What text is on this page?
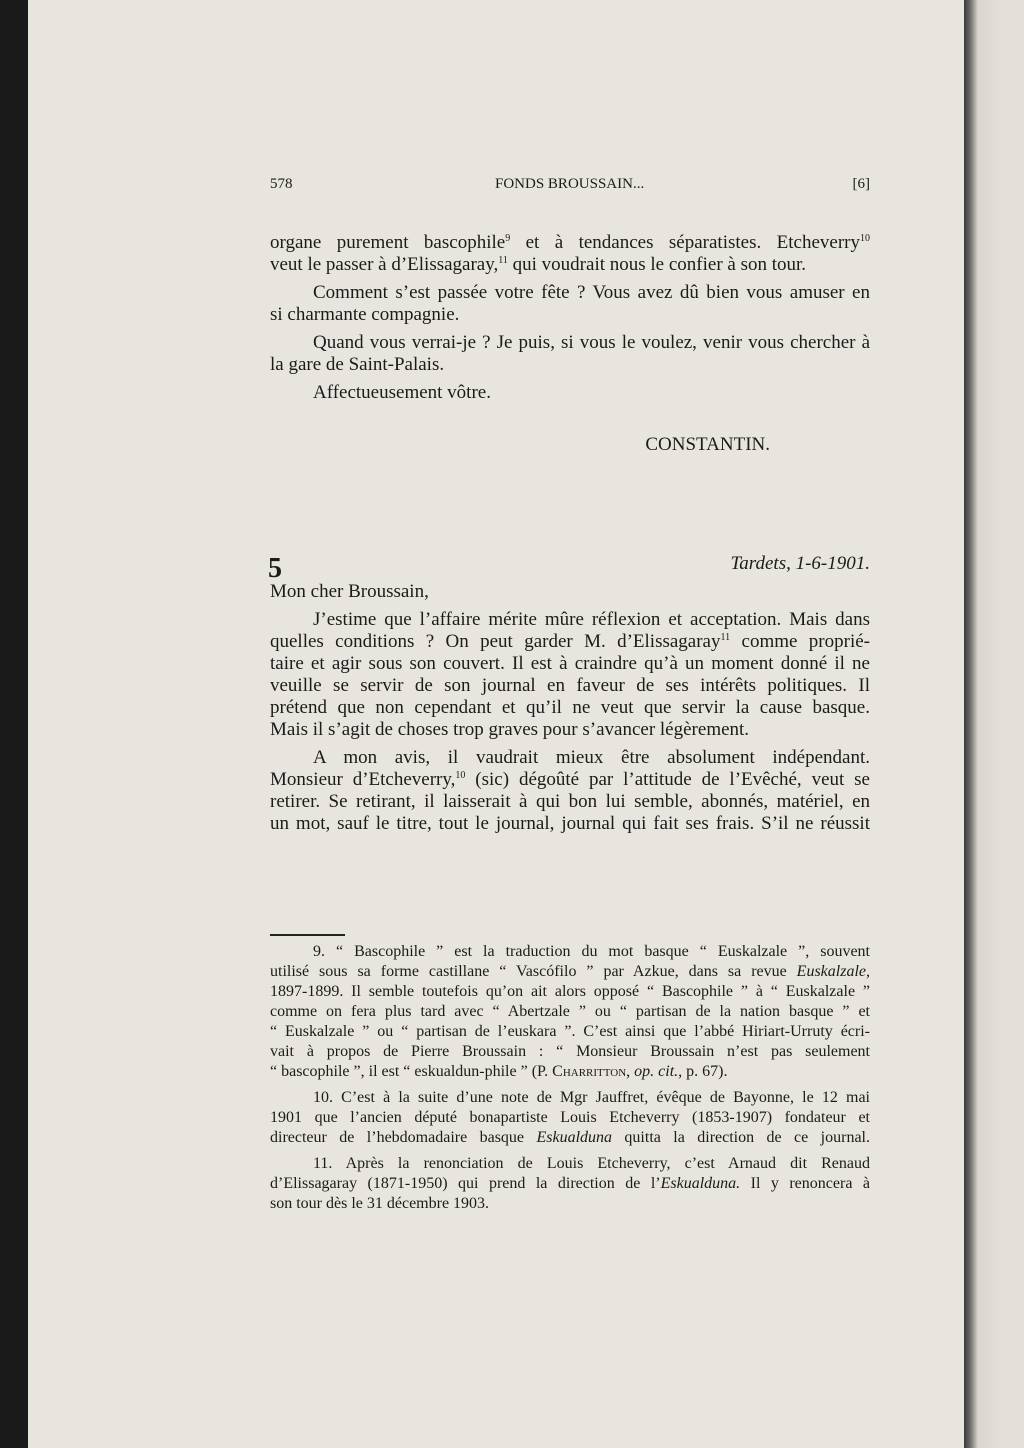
578	FONDS BROUSSAIN...	[6]
organe purement bascophile$^9$ et à tendances séparatistes. Etcheverry$^{10}$
veut le passer à d’Elissagaray,$^{11}$ qui voudrait nous le confier à son tour.
Comment s’est passée votre fête ? Vous avez dû bien vous amuser en
si charmante compagnie.
Quand vous verrai-je ? Je puis, si vous le voulez, venir vous chercher à
la gare de Saint-Palais.
Affectueusement vôtre.
CONSTANTIN.
5	Tardets, 1-6-1901.
Mon cher Broussain,
J’estime que l’affaire mérite mûre réflexion et acceptation. Mais dans
quelles conditions ? On peut garder M. d’Elissagaray$^{11}$ comme proprié-
taire et agir sous son couvert. Il est à craindre qu’à un moment donné il ne
veuille se servir de son journal en faveur de ses intérêts politiques. Il
prétend que non cependant et qu’il ne veut que servir la cause basque.
Mais il s’agit de choses trop graves pour s’avancer légèrement.
A mon avis, il vaudrait mieux être absolument indépendant.
Monsieur d’Etcheverry,$^{10}$ (sic) dégoûté par l’attitude de l’Evêché, veut se
retirer. Se retirant, il laisserait à qui bon lui semble, abonnés, matériel, en
un mot, sauf le titre, tout le journal, journal qui fait ses frais. S’il ne réussit
9. “ Bascophile ” est la traduction du mot basque “ Euskalzale ”, souvent
utilisé sous sa forme castillane “ Vascófilo ” par Azkue, dans sa revue Euskalzale,
1897-1899. Il semble toutefois qu’on ait alors opposé “ Bascophile ” à “ Euskalzale ”
comme on fera plus tard avec “ Abertzale ” ou “ partisan de la nation basque ” et
“ Euskalzale ” ou “ partisan de l’euskara ”. C’est ainsi que l’abbé Hiriart-Urruty écri-
vait à propos de Pierre Broussain : “ Monsieur Broussain n’est pas seulement
“ bascophile ”, il est “ eskualdun-phile ” (P. Charritton, op. cit., p. 67).
10. C’est à la suite d’une note de Mgr Jauffret, évêque de Bayonne, le 12 mai
1901 que l’ancien député bonapartiste Louis Etcheverry (1853-1907) fondateur et
directeur de l’hebdomadaire basque Eskualduna quitta la direction de ce journal.
11. Après la renonciation de Louis Etcheverry, c’est Arnaud dit Renaud
d’Elissagaray (1871-1950) qui prend la direction de l’Eskualduna. Il y renoncera à
son tour dès le 31 décembre 1903.
